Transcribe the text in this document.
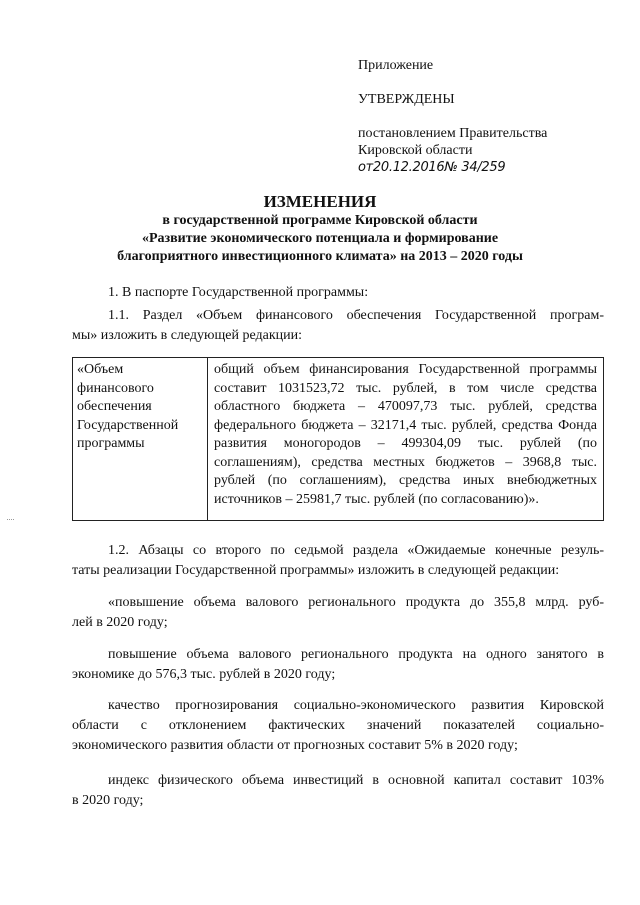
Приложение
УТВЕРЖДЕНЫ
постановлением Правительства
Кировской области
от20.12.2016№ 34/259
ИЗМЕНЕНИЯ
в государственной программе Кировской области
«Развитие экономического потенциала и формирование
благоприятного инвестиционного климата» на 2013 – 2020 годы
1. В паспорте Государственной программы:
1.1. Раздел «Объем финансового обеспечения Государственной програм-
мы» изложить в следующей редакции:
«Объем финансового обеспечения Государственной программы	общий объем финансирования Государственной программы составит 1031523,72 тыс. рублей, в том числе средства областного бюджета – 470097,73 тыс. рублей, средства федерального бюджета – 32171,4 тыс. рублей, средства Фонда развития моногородов – 499304,09 тыс. рублей (по соглашениям), средства местных бюджетов – 3968,8 тыс. рублей (по соглашениям), средства иных внебюджетных источников – 25981,7 тыс. рублей (по согласованию)».
1.2. Абзацы со второго по седьмой раздела «Ожидаемые конечные резуль-
таты реализации Государственной программы» изложить в следующей редакции:
«повышение объема валового регионального продукта до 355,8 млрд. руб-
лей в 2020 году;
повышение объема валового регионального продукта на одного занятого в
экономике до 576,3 тыс. рублей в 2020 году;
качество прогнозирования социально-экономического развития Кировской
области с отклонением фактических значений показателей социально-
экономического развития области от прогнозных составит 5% в 2020 году;
индекс физического объема инвестиций в основной капитал составит 103%
в 2020 году;
